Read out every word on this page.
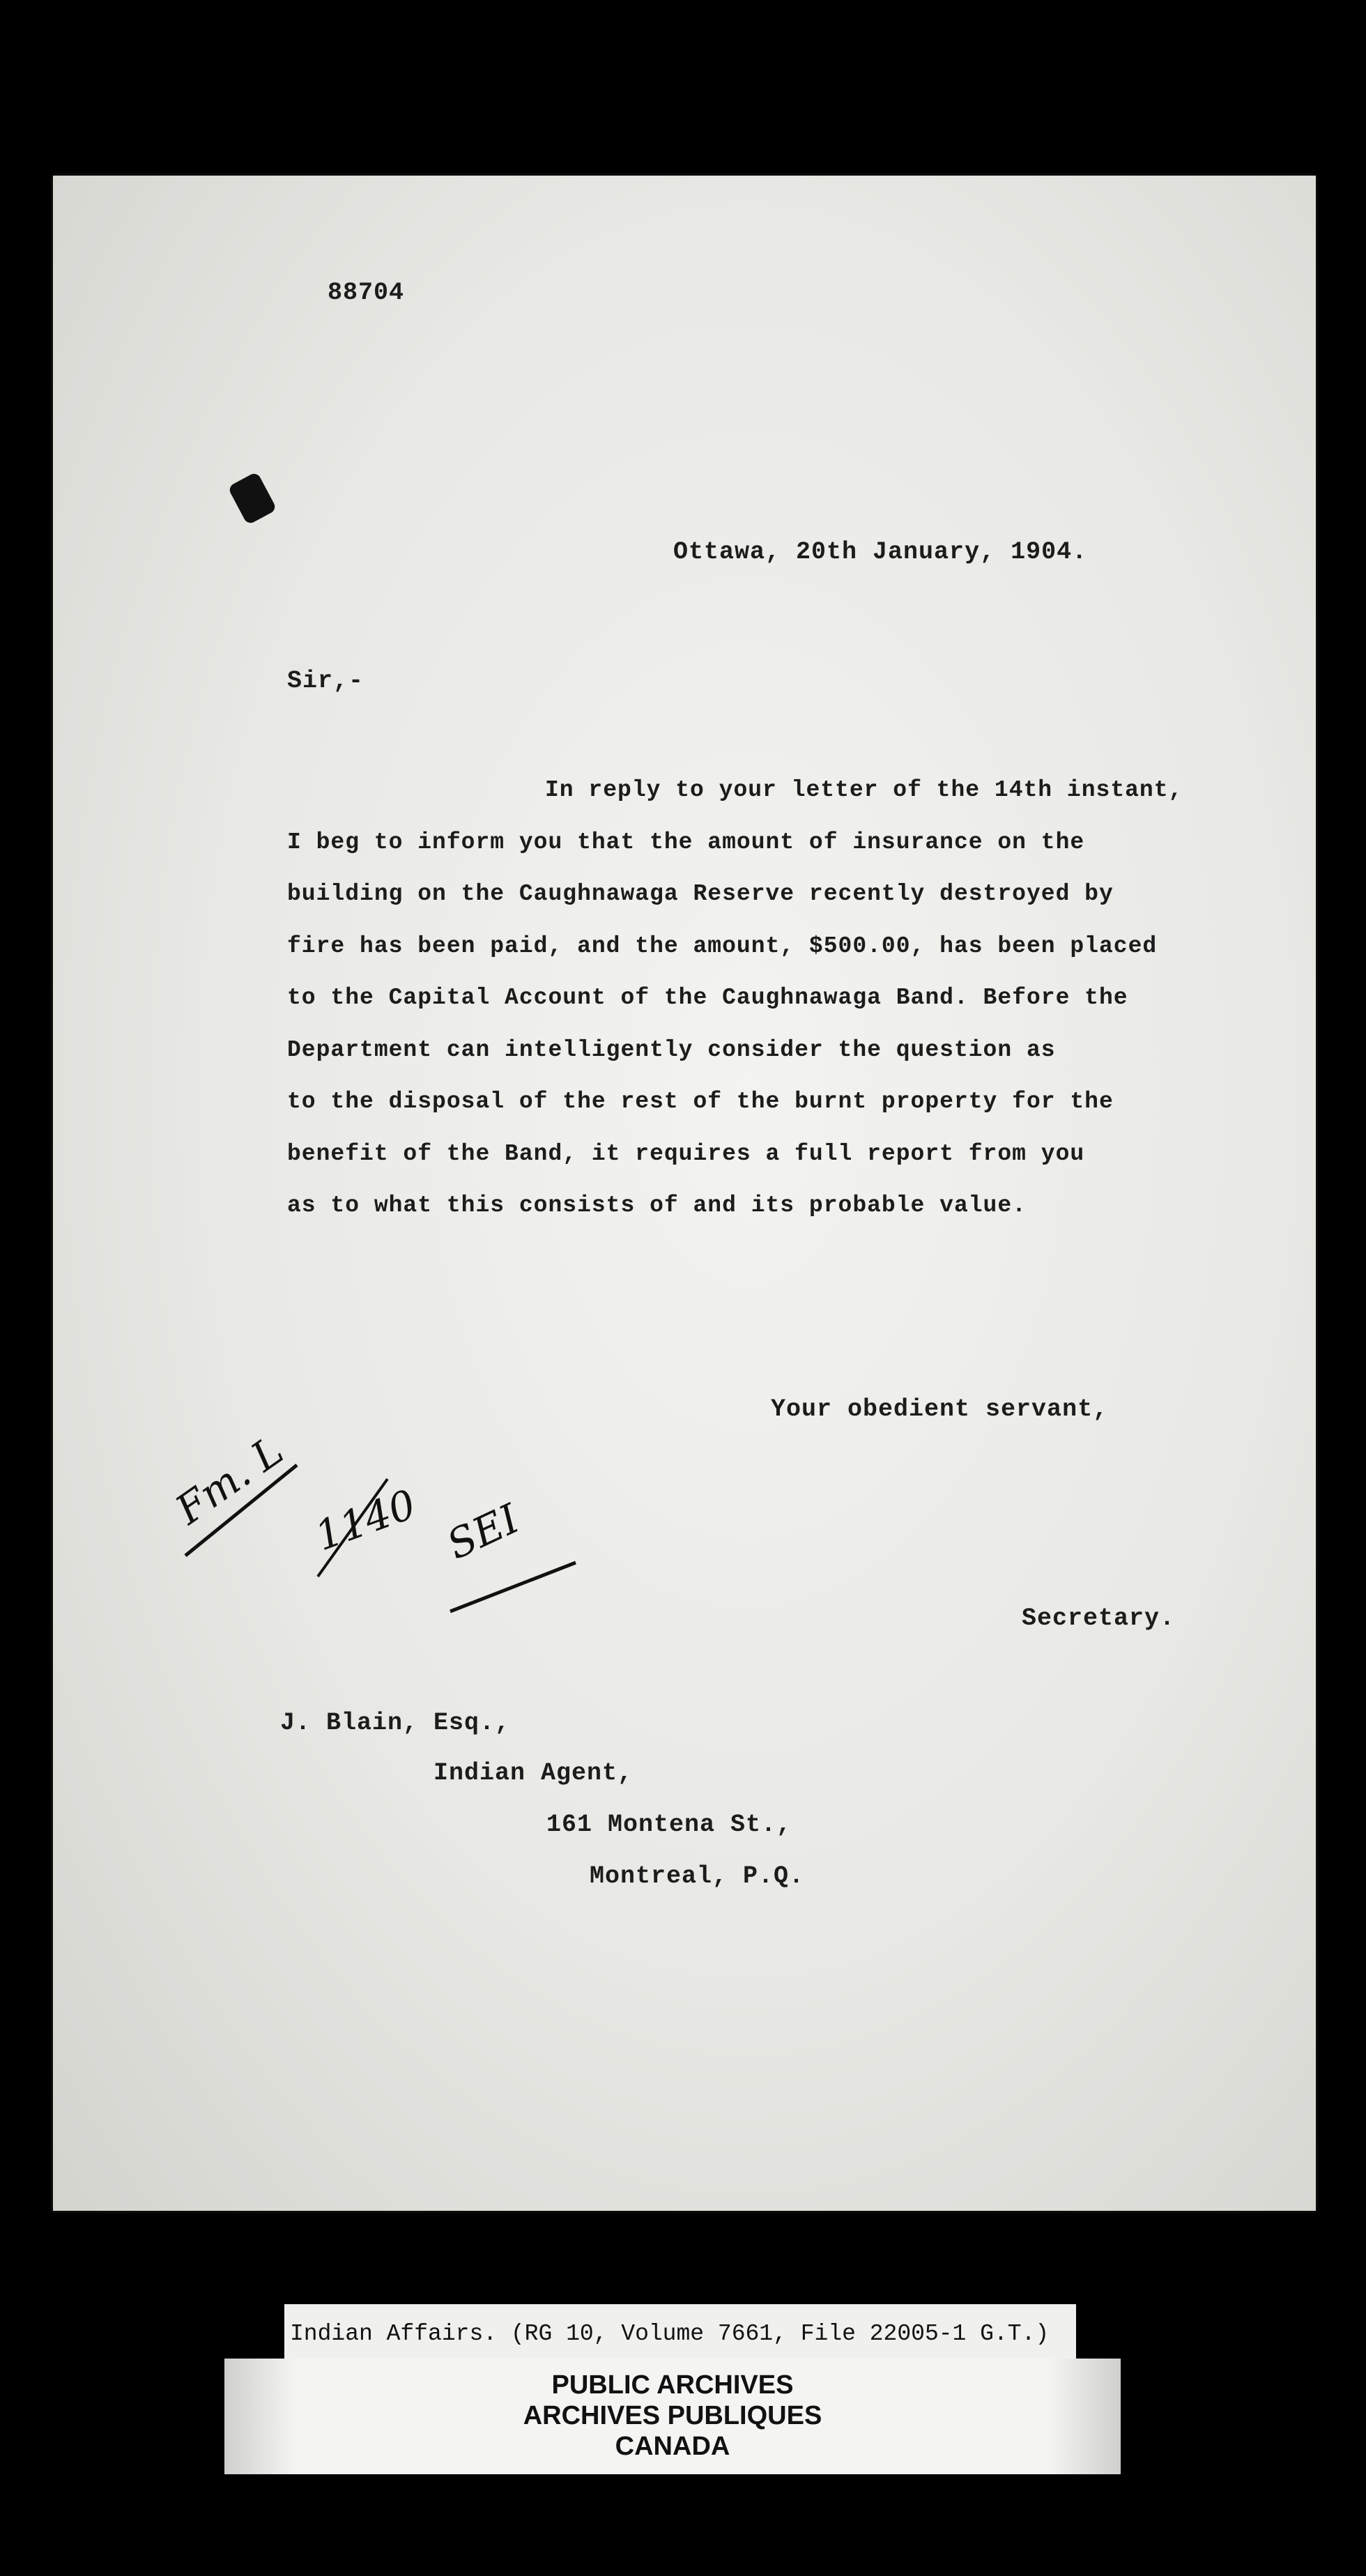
88704
Ottawa, 20th January, 1904.
Sir,-
In reply to your letter of the 14th instant,
I beg to inform you that the amount of insurance on the
building on the Caughnawaga Reserve recently destroyed by
fire has been paid, and the amount, $500.00, has been placed
to the Capital Account of the Caughnawaga Band. Before the
Department can intelligently consider the question as
to the disposal of the rest of the burnt property for the
benefit of the Band, it requires a full report from you
as to what this consists of and its probable value.
Fm. L 1140 SEI
Your obedient servant,
Secretary.
J. Blain, Esq.,
Indian Agent,
161 Montena St.,
Montreal, P.Q.
Indian Affairs. (RG 10, Volume 7661, File 22005-1 G.T.)
PUBLIC ARCHIVES
ARCHIVES PUBLIQUES
CANADA
